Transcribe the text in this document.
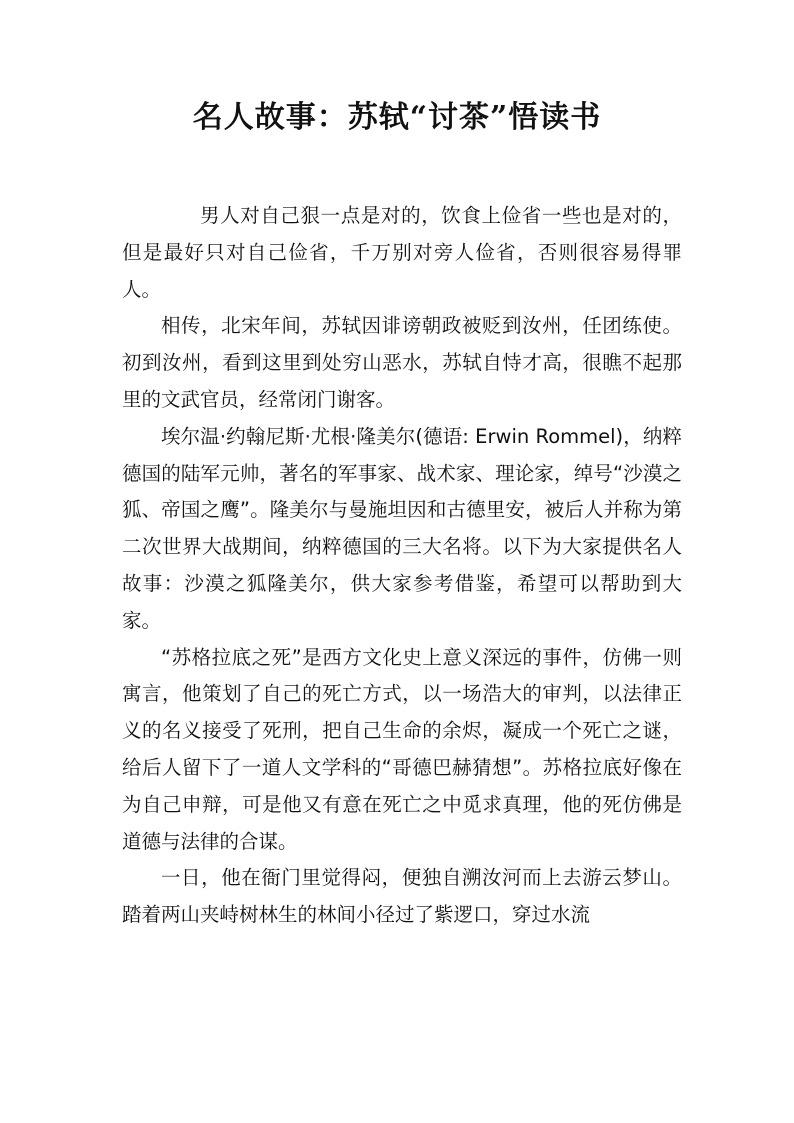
名人故事：苏轼“讨茶”悟读书

男人对自己狠一点是对的，饮食上俭省一些也是对的，但是最好只对自己俭省，千万别对旁人俭省，否则很容易得罪人。

相传，北宋年间，苏轼因诽谤朝政被贬到汝州，任团练使。初到汝州，看到这里到处穷山恶水，苏轼自恃才高，很瞧不起那里的文武官员，经常闭门谢客。

埃尔温·约翰尼斯·尤根·隆美尔(德语: Erwin Rommel)，纳粹德国的陆军元帅，著名的军事家、战术家、理论家，绰号“沙漠之狐、帝国之鹰”。隆美尔与曼施坦因和古德里安，被后人并称为第二次世界大战期间，纳粹德国的三大名将。以下为大家提供名人故事：沙漠之狐隆美尔，供大家参考借鉴，希望可以帮助到大家。

“苏格拉底之死”是西方文化史上意义深远的事件，仿佛一则寓言，他策划了自己的死亡方式，以一场浩大的审判，以法律正义的名义接受了死刑，把自己生命的余烬，凝成一个死亡之谜，给后人留下了一道人文学科的“哥德巴赫猜想”。苏格拉底好像在为自己申辩，可是他又有意在死亡之中觅求真理，他的死仿佛是道德与法律的合谋。

一日，他在衙门里觉得闷，便独自溯汝河而上去游云梦山。踏着两山夹峙树林生的林间小径过了紫逻口，穿过水流
